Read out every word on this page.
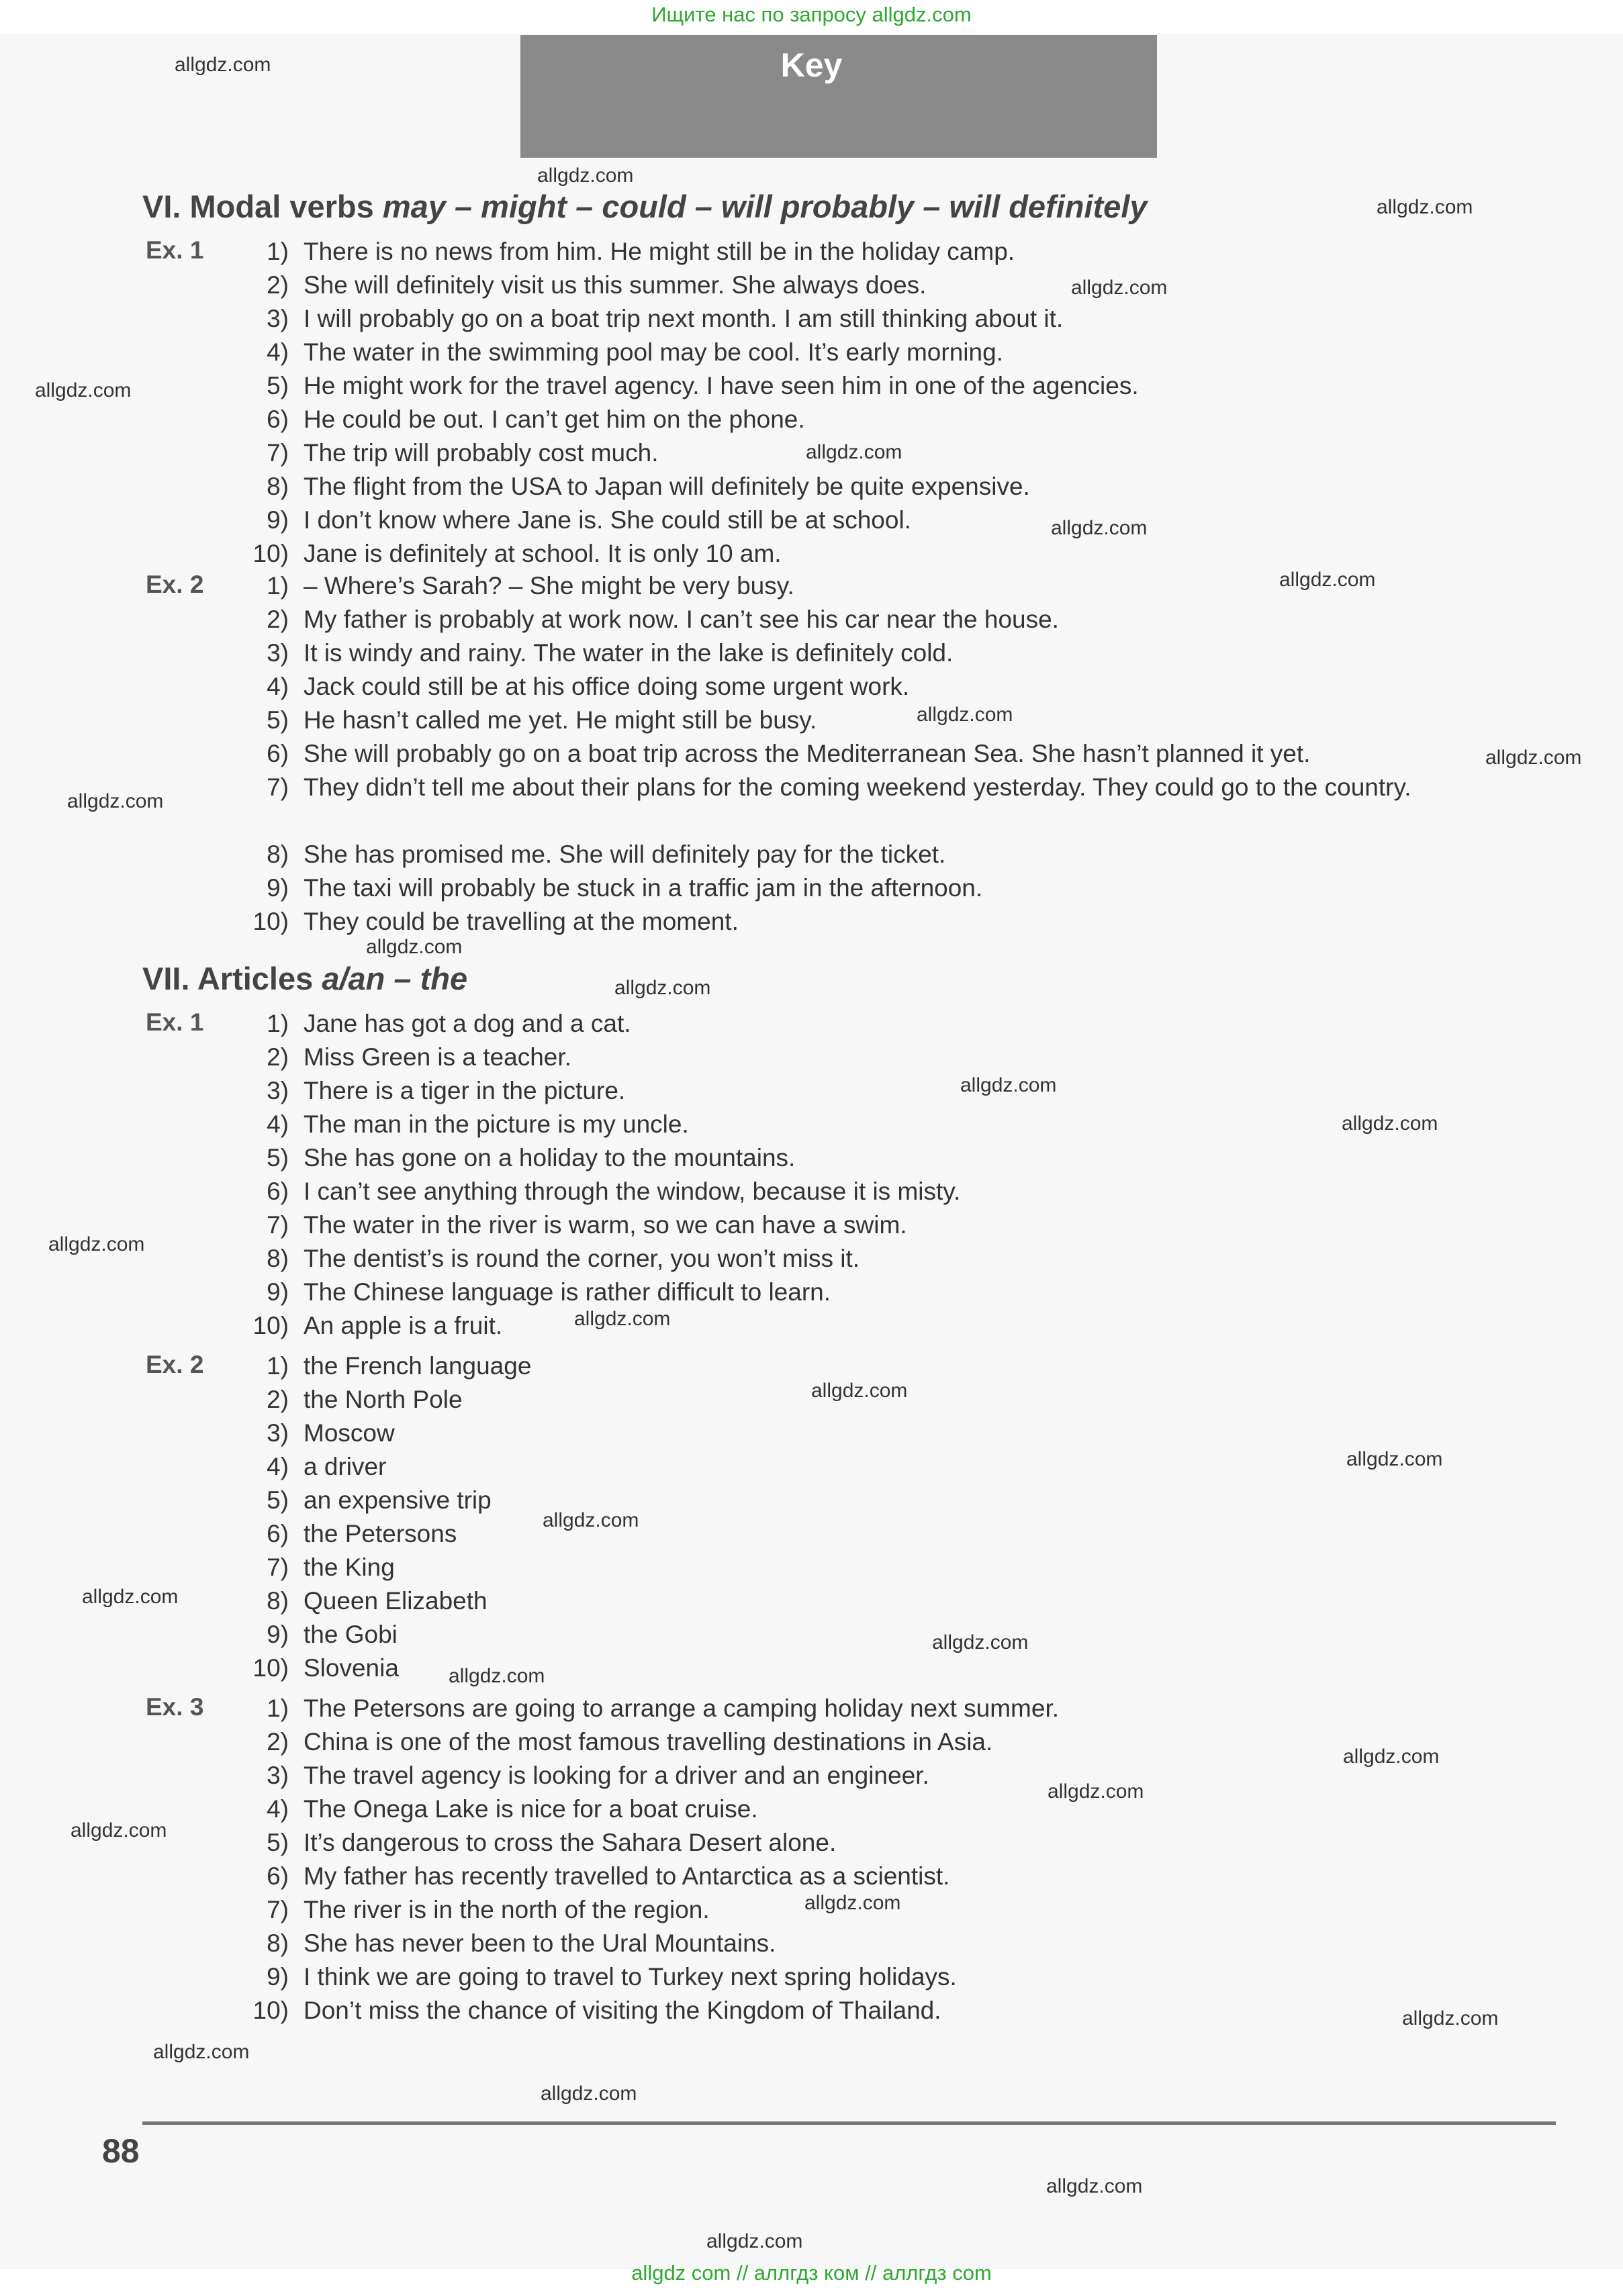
Ищите нас по запросу allgdz.com
Key
VI. Modal verbs may – might – could – will probably – will definitely
Ex. 1	1) There is no news from him. He might still be in the holiday camp.
2) She will definitely visit us this summer. She always does.
3) I will probably go on a boat trip next month. I am still thinking about it.
4) The water in the swimming pool may be cool. It’s early morning.
5) He might work for the travel agency. I have seen him in one of the agencies.
6) He could be out. I can’t get him on the phone.
7) The trip will probably cost much.
8) The flight from the USA to Japan will definitely be quite expensive.
9) I don’t know where Jane is. She could still be at school.
10) Jane is definitely at school. It is only 10 am.
Ex. 2	1) – Where’s Sarah? – She might be very busy.
2) My father is probably at work now. I can’t see his car near the house.
3) It is windy and rainy. The water in the lake is definitely cold.
4) Jack could still be at his office doing some urgent work.
5) He hasn’t called me yet. He might still be busy.
6) She will probably go on a boat trip across the Mediterranean Sea. She hasn’t planned it yet.
7) They didn’t tell me about their plans for the coming weekend yesterday. They could go to the country.
8) She has promised me. She will definitely pay for the ticket.
9) The taxi will probably be stuck in a traffic jam in the afternoon.
10) They could be travelling at the moment.
VII. Articles a/an – the
Ex. 1	1) Jane has got a dog and a cat.
2) Miss Green is a teacher.
3) There is a tiger in the picture.
4) The man in the picture is my uncle.
5) She has gone on a holiday to the mountains.
6) I can’t see anything through the window, because it is misty.
7) The water in the river is warm, so we can have a swim.
8) The dentist’s is round the corner, you won’t miss it.
9) The Chinese language is rather difficult to learn.
10) An apple is a fruit.
Ex. 2	1) the French language
2) the North Pole
3) Moscow
4) a driver
5) an expensive trip
6) the Petersons
7) the King
8) Queen Elizabeth
9) the Gobi
10) Slovenia
Ex. 3	1) The Petersons are going to arrange a camping holiday next summer.
2) China is one of the most famous travelling destinations in Asia.
3) The travel agency is looking for a driver and an engineer.
4) The Onega Lake is nice for a boat cruise.
5) It’s dangerous to cross the Sahara Desert alone.
6) My father has recently travelled to Antarctica as a scientist.
7) The river is in the north of the region.
8) She has never been to the Ural Mountains.
9) I think we are going to travel to Turkey next spring holidays.
10) Don’t miss the chance of visiting the Kingdom of Thailand.
allgdz.com
allgdz.com
allgdz.com
allgdz.com
allgdz.com
allgdz.com
allgdz.com
allgdz.com
allgdz.com
allgdz.com
allgdz.com
allgdz.com
allgdz.com
allgdz.com
allgdz.com
allgdz.com
allgdz.com
allgdz.com
allgdz.com
allgdz.com
allgdz.com
allgdz.com
allgdz.com
allgdz.com
allgdz.com
allgdz.com
allgdz.com
allgdz.com
allgdz.com
allgdz.com
allgdz.com
allgdz.com
88
allgdz com // аллгдз ком // аллгдз com
